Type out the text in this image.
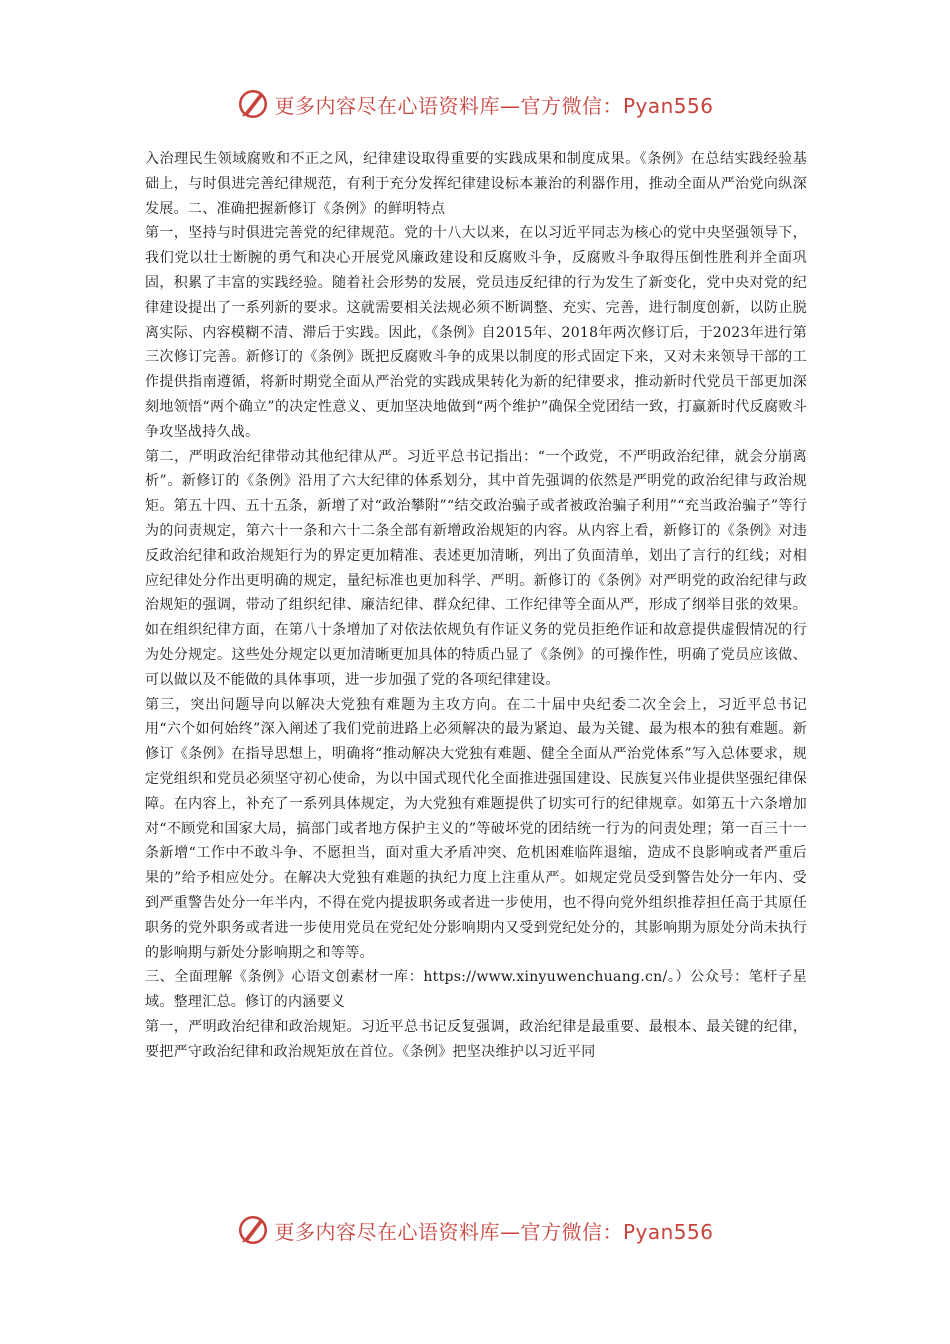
更多内容尽在心语资料库—官方微信：Pyan556

入治理民生领域腐败和不正之风，纪律建设取得重要的实践成果和制度成果。《条例》在总结实践经验基础上，与时俱进完善纪律规范，有利于充分发挥纪律建设标本兼治的利器作用，推动全面从严治党向纵深发展。二、准确把握新修订《条例》的鲜明特点

第一，坚持与时俱进完善党的纪律规范。党的十八大以来，在以习近平同志为核心的党中央坚强领导下，我们党以壮士断腕的勇气和决心开展党风廉政建设和反腐败斗争，反腐败斗争取得压倒性胜利并全面巩固，积累了丰富的实践经验。随着社会形势的发展，党员违反纪律的行为发生了新变化，党中央对党的纪律建设提出了一系列新的要求。这就需要相关法规必须不断调整、充实、完善，进行制度创新，以防止脱离实际、内容模糊不清、滞后于实践。因此，《条例》自2015年、2018年两次修订后，于2023年进行第三次修订完善。新修订的《条例》既把反腐败斗争的成果以制度的形式固定下来，又对未来领导干部的工作提供指南遵循，将新时期党全面从严治党的实践成果转化为新的纪律要求，推动新时代党员干部更加深刻地领悟“两个确立”的决定性意义、更加坚决地做到“两个维护”确保全党团结一致，打赢新时代反腐败斗争攻坚战持久战。

第二，严明政治纪律带动其他纪律从严。习近平总书记指出：“一个政党，不严明政治纪律，就会分崩离析”。新修订的《条例》沿用了六大纪律的体系划分，其中首先强调的依然是严明党的政治纪律与政治规矩。第五十四、五十五条，新增了对“政治攀附”“结交政治骗子或者被政治骗子利用”“充当政治骗子”等行为的问责规定，第六十一条和六十二条全部有新增政治规矩的内容。从内容上看，新修订的《条例》对违反政治纪律和政治规矩行为的界定更加精准、表述更加清晰，列出了负面清单，划出了言行的红线；对相应纪律处分作出更明确的规定，量纪标准也更加科学、严明。新修订的《条例》对严明党的政治纪律与政治规矩的强调，带动了组织纪律、廉洁纪律、群众纪律、工作纪律等全面从严，形成了纲举目张的效果。如在组织纪律方面，在第八十条增加了对依法依规负有作证义务的党员拒绝作证和故意提供虚假情况的行为处分规定。这些处分规定以更加清晰更加具体的特质凸显了《条例》的可操作性，明确了党员应该做、可以做以及不能做的具体事项，进一步加强了党的各项纪律建设。

第三，突出问题导向以解决大党独有难题为主攻方向。在二十届中央纪委二次全会上，习近平总书记用“六个如何始终”深入阐述了我们党前进路上必须解决的最为紧迫、最为关键、最为根本的独有难题。新修订《条例》在指导思想上，明确将“推动解决大党独有难题、健全全面从严治党体系”写入总体要求，规定党组织和党员必须坚守初心使命，为以中国式现代化全面推进强国建设、民族复兴伟业提供坚强纪律保障。在内容上，补充了一系列具体规定，为大党独有难题提供了切实可行的纪律规章。如第五十六条增加对“不顾党和国家大局，搞部门或者地方保护主义的”等破坏党的团结统一行为的问责处理；第一百三十一条新增“工作中不敢斗争、不愿担当，面对重大矛盾冲突、危机困难临阵退缩，造成不良影响或者严重后果的”给予相应处分。在解决大党独有难题的执纪力度上注重从严。如规定党员受到警告处分一年内、受到严重警告处分一年半内，不得在党内提拔职务或者进一步使用，也不得向党外组织推荐担任高于其原任职务的党外职务或者进一步使用党员在党纪处分影响期内又受到党纪处分的，其影响期为原处分尚未执行的影响期与新处分影响期之和等等。

三、全面理解《条例》心语文创素材一库：https://www.xinyuwenchuang.cn/。）公众号：笔杆子星域。整理汇总。修订的内涵要义

第一，严明政治纪律和政治规矩。习近平总书记反复强调，政治纪律是最重要、最根本、最关键的纪律，要把严守政治纪律和政治规矩放在首位。《条例》把坚决维护以习近平同

更多内容尽在心语资料库—官方微信：Pyan556
